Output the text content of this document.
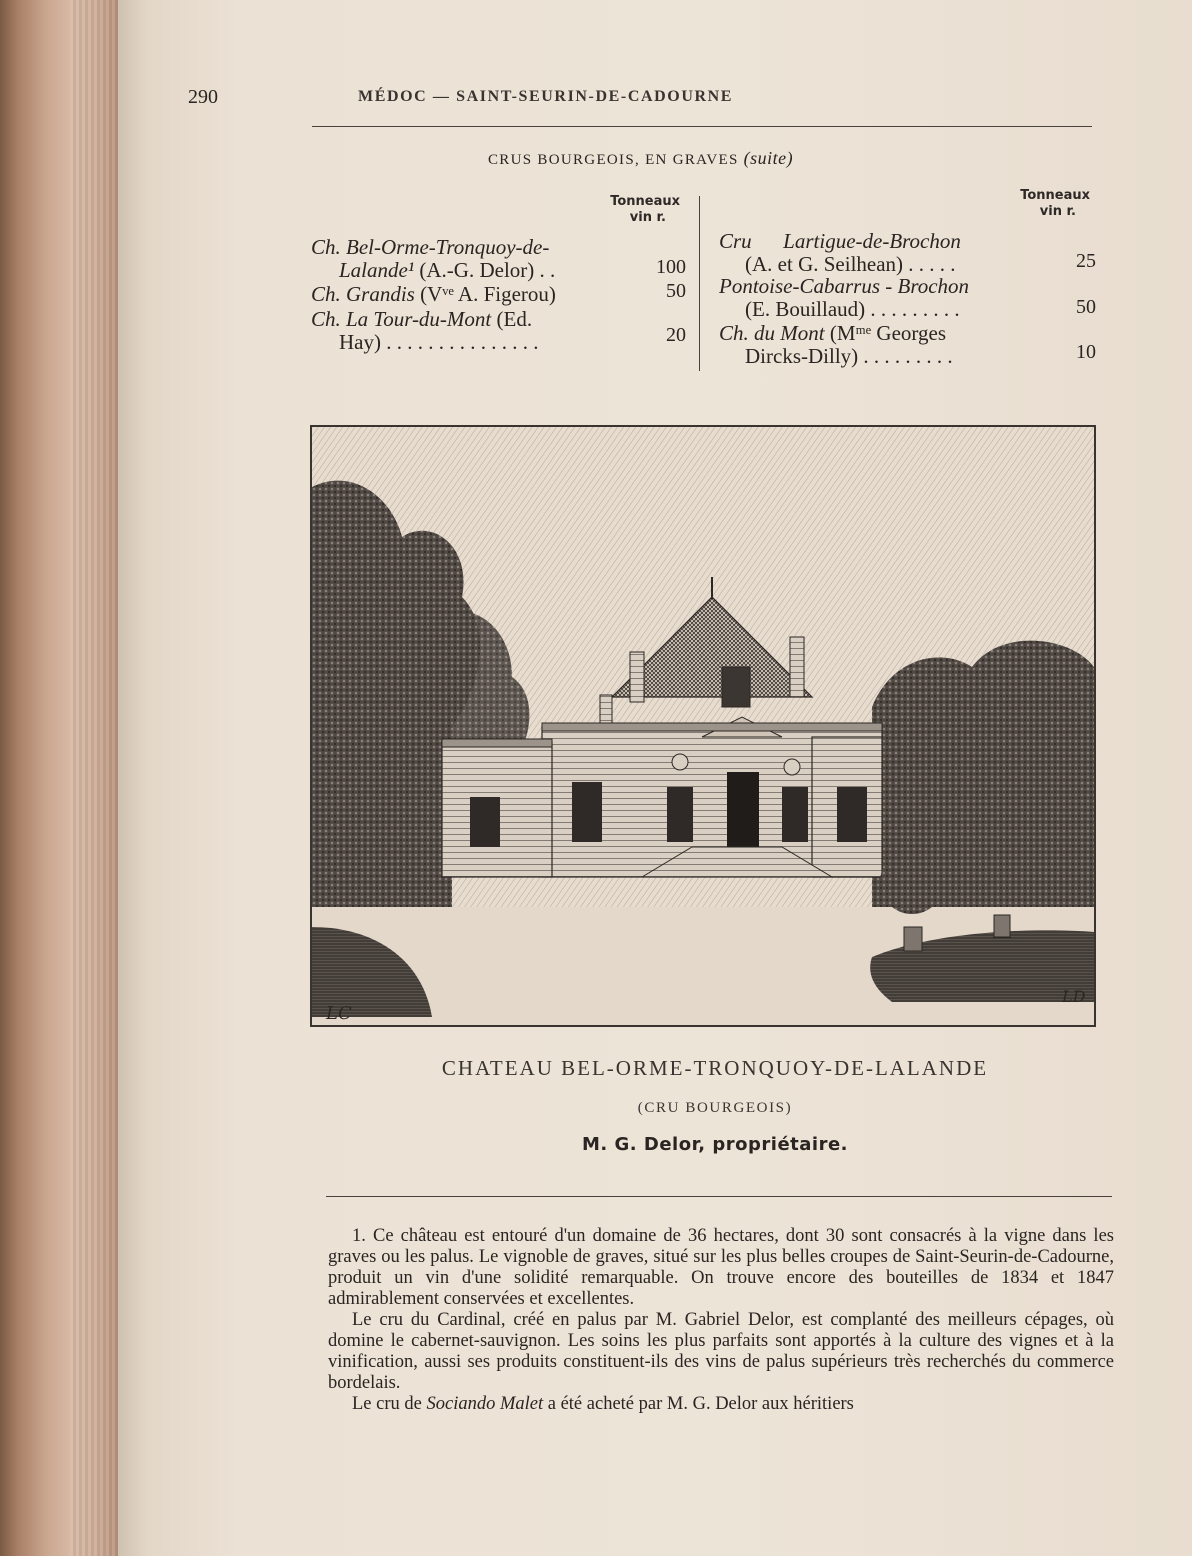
290	MÉDOC — SAINT-SEURIN-DE-CADOURNE
CRUS BOURGEOIS, EN GRAVES (suite)
Tonneaux
vin r.
Tonneaux
vin r.
Ch. Bel-Orme-Tronquoy-de-
Lalande¹ (A.-G. Delor) . .	100
Ch. Grandis (Vᵛᵉ A. Figerou)	50
Ch. La Tour-du-Mont (Ed.
Hay) . . . . . . . . . . . . . . .	20
Cru      Lartigue-de-Brochon
(A. et G. Seilhean) . . . . .	25
Pontoise-Cabarrus - Brochon
(E. Bouillaud) . . . . . . . . .	50
Ch. du Mont (Mᵐᵉ Georges
Dircks-Dilly) . . . . . . . . .	10
LC
LD
CHATEAU BEL-ORME-TRONQUOY-DE-LALANDE
(CRU BOURGEOIS)
M. G. Delor, propriétaire.

1. Ce château est entouré d'un domaine de 36 hectares, dont 30 sont consacrés à la vigne dans les graves ou les palus. Le vignoble de graves, situé sur les plus belles croupes de Saint-Seurin-de-Cadourne, produit un vin d'une solidité remarquable. On trouve encore des bouteilles de 1834 et 1847 admirablement conservées et excellentes.

Le cru du Cardinal, créé en palus par M. Gabriel Delor, est complanté des meilleurs cépages, où domine le cabernet-sauvignon. Les soins les plus parfaits sont apportés à la culture des vignes et à la vinification, aussi ses produits constituent-ils des vins de palus supérieurs très recherchés du commerce bordelais.

Le cru de Sociando Malet a été acheté par M. G. Delor aux héritiers
